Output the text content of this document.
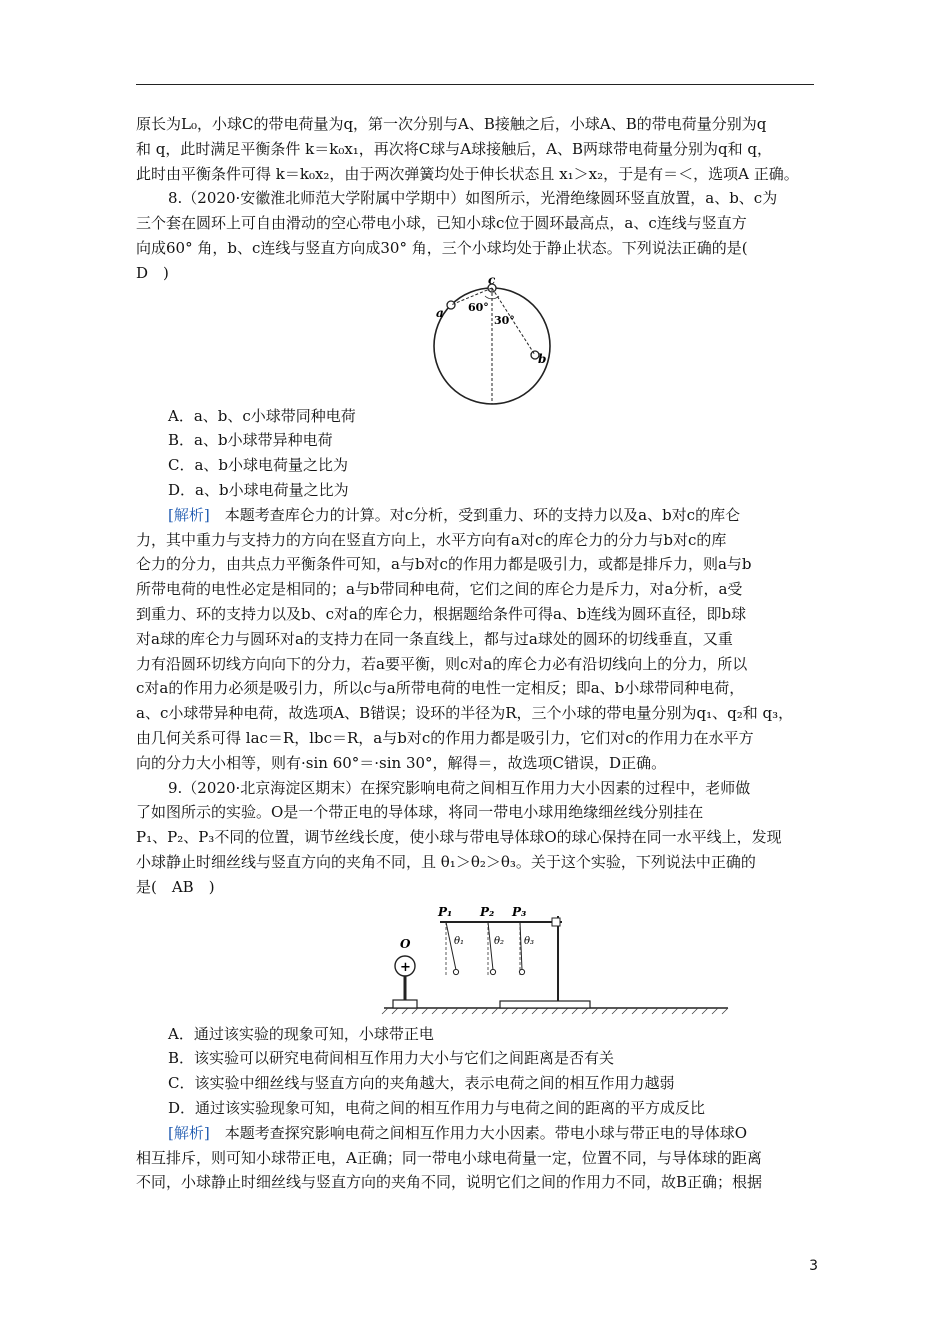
原长为L₀，小球C的带电荷量为q，第一次分别与A、B接触之后，小球A、B的带电荷量分别为q

和 q，此时满足平衡条件 k＝k₀x₁，再次将C球与A球接触后，A、B两球带电荷量分别为q和 q，

此时由平衡条件可得 k＝k₀x₂，由于两次弹簧均处于伸长状态且 x₁＞x₂，于是有＝＜，选项A 正确。

8.（2020·安徽淮北师范大学附属中学期中）如图所示，光滑绝缘圆环竖直放置，a、b、c为

三个套在圆环上可自由滑动的空心带电小球，已知小球c位于圆环最高点，a、c连线与竖直方

向成60° 角，b、c连线与竖直方向成30° 角，三个小球均处于静止状态。下列说法正确的是(

D　)	c
a
b
60°
30°

A．a、b、c小球带同种电荷

B．a、b小球带异种电荷

C．a、b小球电荷量之比为

D．a、b小球电荷量之比为

[解析]　本题考查库仑力的计算。对c分析，受到重力、环的支持力以及a、b对c的库仑

力，其中重力与支持力的方向在竖直方向上，水平方向有a对c的库仑力的分力与b对c的库

仑力的分力，由共点力平衡条件可知，a与b对c的作用力都是吸引力，或都是排斥力，则a与b

所带电荷的电性必定是相同的；a与b带同种电荷，它们之间的库仑力是斥力，对a分析，a受

到重力、环的支持力以及b、c对a的库仑力，根据题给条件可得a、b连线为圆环直径，即b球

对a球的库仑力与圆环对a的支持力在同一条直线上，都与过a球处的圆环的切线垂直，又重

力有沿圆环切线方向向下的分力，若a要平衡，则c对a的库仑力必有沿切线向上的分力，所以

c对a的作用力必须是吸引力，所以c与a所带电荷的电性一定相反；即a、b小球带同种电荷，

a、c小球带异种电荷，故选项A、B错误；设环的半径为R，三个小球的带电量分别为q₁、q₂和 q₃，

由几何关系可得 lac＝R，lbc＝R，a与b对c的作用力都是吸引力，它们对c的作用力在水平方

向的分力大小相等，则有·sin 60°＝·sin 30°，解得＝，故选项C错误，D正确。

9.（2020·北京海淀区期末）在探究影响电荷之间相互作用力大小因素的过程中，老师做

了如图所示的实验。O是一个带正电的导体球，将同一带电小球用绝缘细丝线分别挂在

P₁、P₂、P₃不同的位置，调节丝线长度，使小球与带电导体球O的球心保持在同一水平线上，发现

小球静止时细丝线与竖直方向的夹角不同，且 θ₁＞θ₂＞θ₃。关于这个实验，下列说法中正确的

是(　AB　)

+
O
P₁ P₂ P₃
θ₁	θ₂ θ₃

A．通过该实验的现象可知，小球带正电

B．该实验可以研究电荷间相互作用力大小与它们之间距离是否有关

C．该实验中细丝线与竖直方向的夹角越大，表示电荷之间的相互作用力越弱

D．通过该实验现象可知，电荷之间的相互作用力与电荷之间的距离的平方成反比

[解析]　本题考查探究影响电荷之间相互作用力大小因素。带电小球与带正电的导体球O

相互排斥，则可知小球带正电，A正确；同一带电小球电荷量一定，位置不同，与导体球的距离

不同，小球静止时细丝线与竖直方向的夹角不同，说明它们之间的作用力不同，故B正确；根据

3
